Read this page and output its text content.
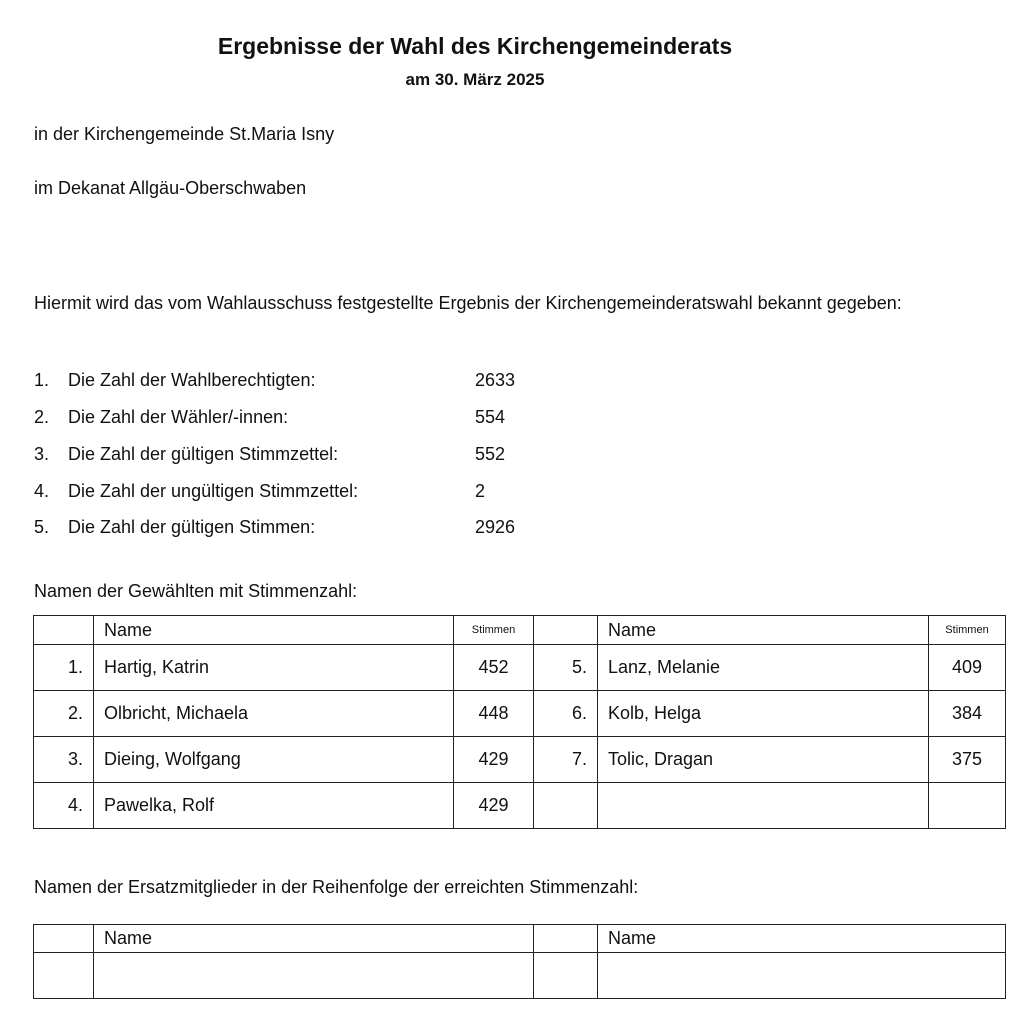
Ergebnisse der Wahl des Kirchengemeinderats
am 30. März 2025
in der Kirchengemeinde St.Maria Isny
im Dekanat Allgäu-Oberschwaben
Hiermit wird das vom Wahlausschuss festgestellte Ergebnis der Kirchengemeinderatswahl bekannt gegeben:
1. Die Zahl der Wahlberechtigten:	2633
2. Die Zahl der Wähler/-innen:	554
3. Die Zahl der gültigen Stimmzettel:	552
4. Die Zahl der ungültigen Stimmzettel:	2
5. Die Zahl der gültigen Stimmen:	2926
Namen der Gewählten mit Stimmenzahl:
	Name	Stimmen		Name	Stimmen
1.	Hartig, Katrin	452	5.	Lanz, Melanie	409
2.	Olbricht, Michaela	448	6.	Kolb, Helga	384
3.	Dieing, Wolfgang	429	7.	Tolic, Dragan	375
4.	Pawelka, Rolf	429			
Namen der Ersatzmitglieder in der Reihenfolge der erreichten Stimmenzahl:
	Name		Name
